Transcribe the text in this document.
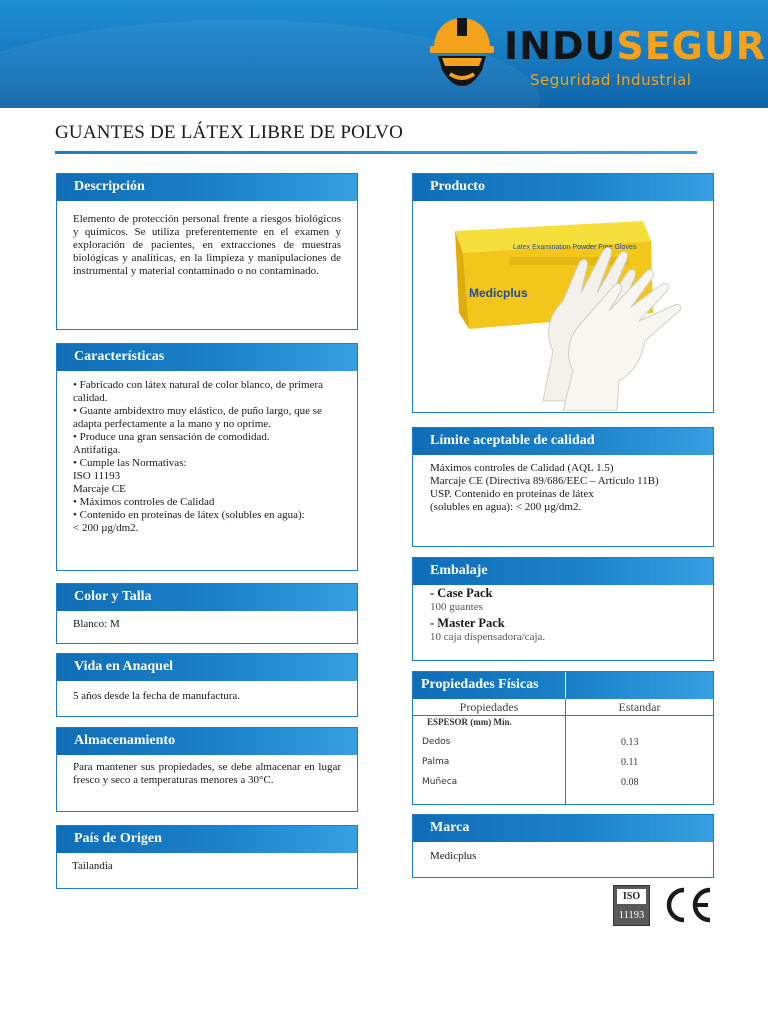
INDUSEGUR
Seguridad Industrial
GUANTES DE LÁTEX LIBRE DE POLVO
Descripción
Elemento de protección personal frente a riesgos biológicos y químicos. Se utiliza preferentemente en el examen y exploración de pacientes, en extracciones de muestras biológicas y analíticas, en la limpieza y manipulaciones de instrumental y material contaminado o no contaminado.
Características
• Fabricado con látex natural de color blanco, de primera calidad.
• Guante ambidextro muy elástico, de puño largo, que se adapta perfectamente a la mano y no oprime.
• Produce una gran sensación de comodidad.
Antifatiga.
• Cumple las Normativas:
ISO 11193
Marcaje CE
• Máximos controles de Calidad
• Contenido en proteínas de látex (solubles en agua):
< 200 µg/dm2.
Color y Talla
Blanco: M
Vida en Anaquel
5 años desde la fecha de manufactura.
Almacenamiento
Para mantener sus propiedades, se debe almacenar en lugar fresco y seco a temperaturas menores a 30°C.
País de Origen
Tailandia
Producto
Latex Examination Powder Free Gloves
Medicplus
Límite aceptable de calidad
Máximos controles de Calidad (AQL 1.5)
Marcaje CE (Directiva 89/686/EEC – Artículo 11B)
USP. Contenido en proteínas de látex
(solubles en agua): < 200 µg/dm2.
Embalaje
- Case Pack
100 guantes
- Master Pack
10 caja dispensadora/caja.
Propiedades Físicas
Propiedades	Estandar
ESPESOR (mm) Mín.
Dedos	0.13
Palma	0.11
Muñeca	0.08
Marca
Medicplus
ISO
11193
